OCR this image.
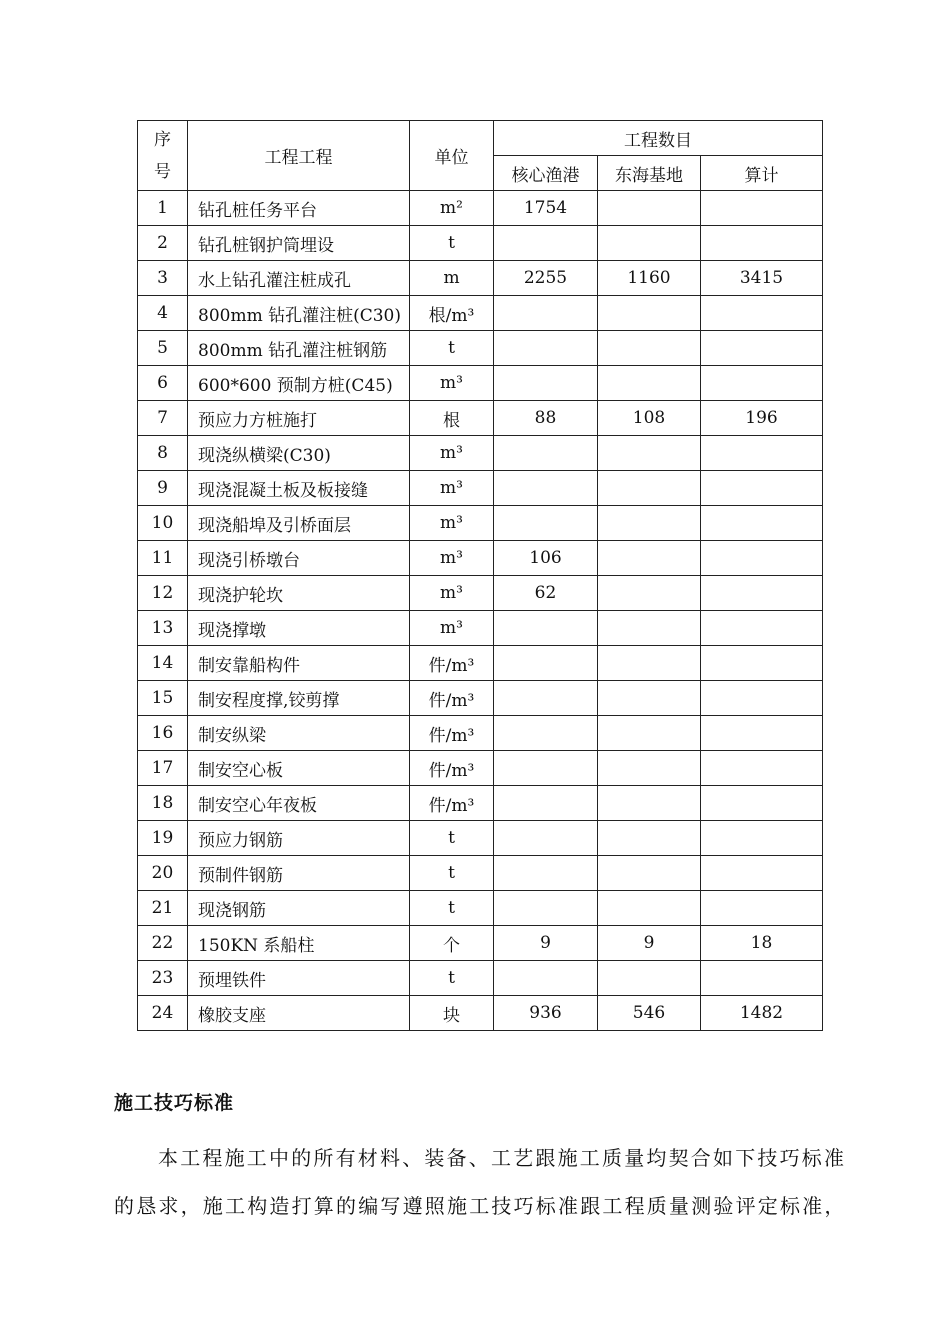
序号	工程工程	单位	工程数目		
			核心渔港	东海基地	算计
1	钻孔桩任务平台	m²	1754		
2	钻孔桩钢护筒埋设	t			
3	水上钻孔灌注桩成孔	m	2255	1160	3415
4	800mm 钻孔灌注桩(C30)	根/m³			
5	800mm 钻孔灌注桩钢筋	t			
6	600*600 预制方桩(C45)	m³			
7	预应力方桩施打	根	88	108	196
8	现浇纵横梁(C30)	m³			
9	现浇混凝土板及板接缝	m³			
10	现浇船埠及引桥面层	m³			
11	现浇引桥墩台	m³	106		
12	现浇护轮坎	m³	62		
13	现浇撑墩	m³			
14	制安靠船构件	件/m³			
15	制安程度撑,铰剪撑	件/m³			
16	制安纵梁	件/m³			
17	制安空心板	件/m³			
18	制安空心年夜板	件/m³			
19	预应力钢筋	t			
20	预制件钢筋	t			
21	现浇钢筋	t			
22	150KN 系船柱	个	9	9	18
23	预埋铁件	t			
24	橡胶支座	块	936	546	1482
施工技巧标准

本工程施工中的所有材料、装备、工艺跟施工质量均契合如下技巧标准

的恳求，施工构造打算的编写遵照施工技巧标准跟工程质量测验评定标准，
